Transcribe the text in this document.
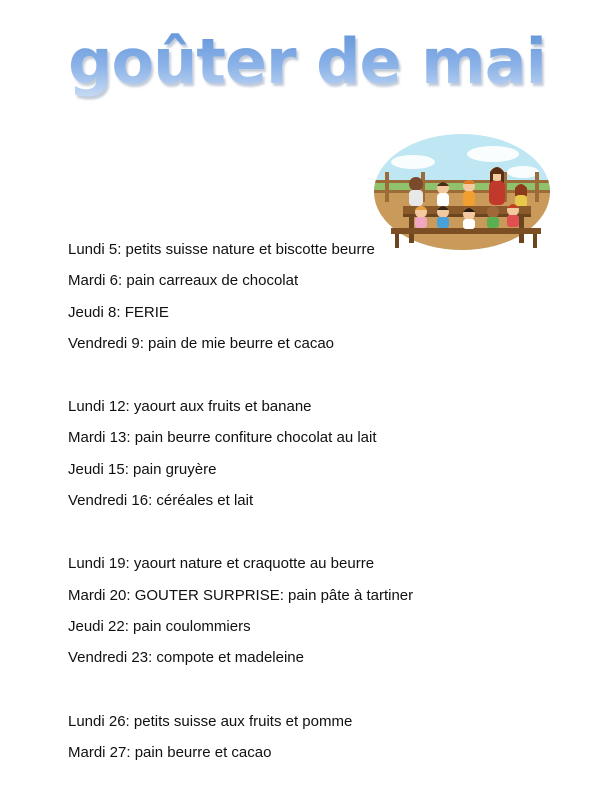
goûter de mai
Lundi 5: petits suisse nature et biscotte beurre
Mardi 6: pain carreaux de chocolat
Jeudi 8: FERIE
Vendredi 9: pain de mie beurre et cacao
Lundi 12: yaourt aux fruits et banane
Mardi 13: pain beurre confiture chocolat au lait
Jeudi 15: pain gruyère
Vendredi 16: céréales et lait
Lundi 19: yaourt nature et craquotte au beurre
Mardi 20: GOUTER SURPRISE: pain pâte à tartiner
Jeudi 22: pain coulommiers
Vendredi 23: compote et madeleine
Lundi 26: petits suisse aux fruits et pomme
Mardi 27: pain beurre et cacao
